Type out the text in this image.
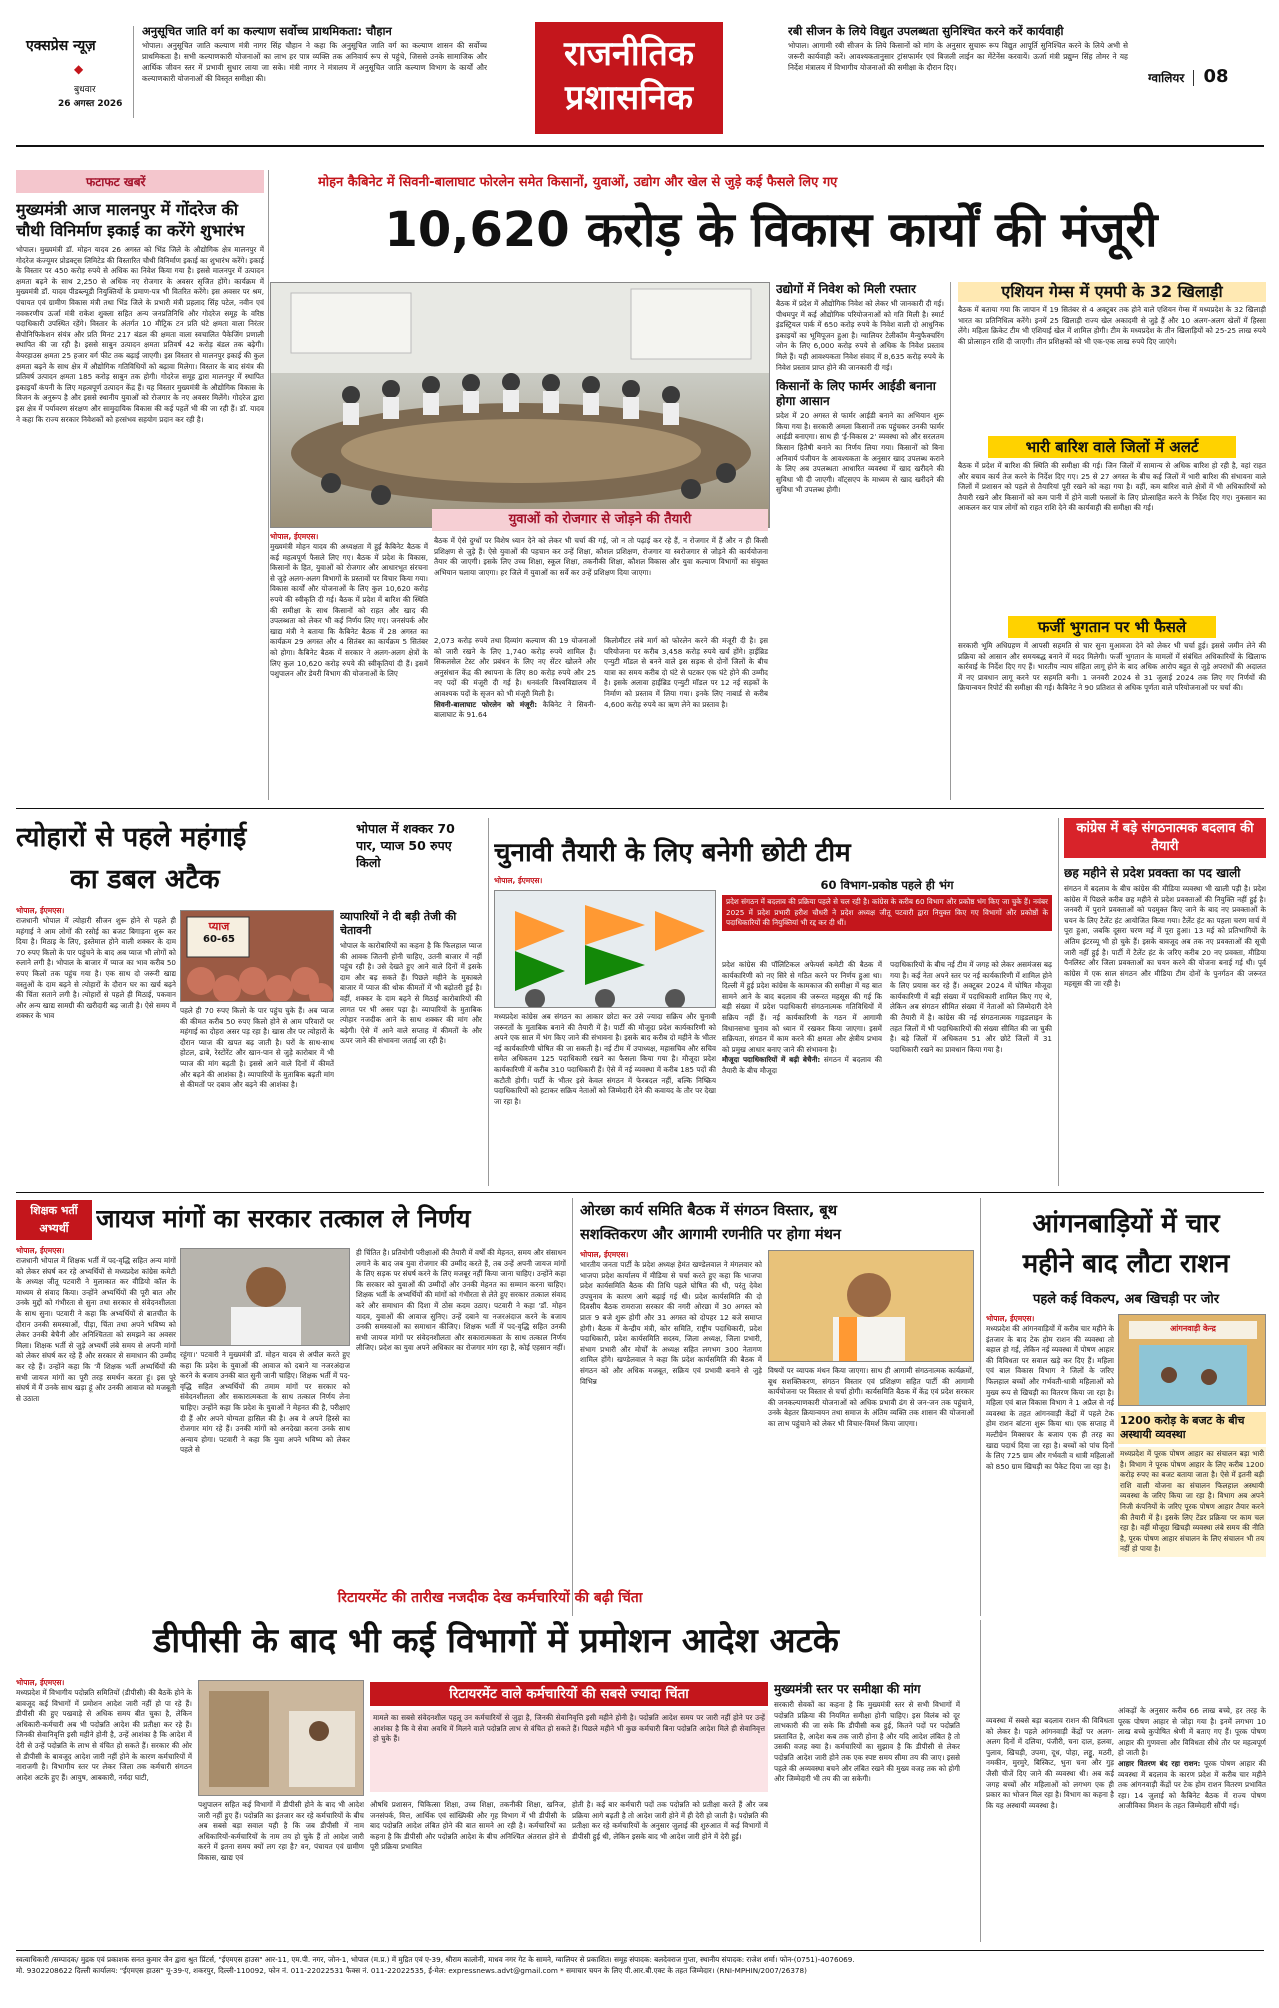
एक्सप्रेस न्यूज़
◆
बुधवार
26 अगस्त 2026
अनुसूचित जाति वर्ग का कल्याण सर्वोच्च प्राथमिकता: चौहान
भोपाल। अनुसूचित जाति कल्याण मंत्री नागर सिंह चौहान ने कहा कि अनुसूचित जाति वर्ग का कल्याण शासन की सर्वोच्च प्राथमिकता है। सभी कल्याणकारी योजनाओं का लाभ हर पात्र व्यक्ति तक अनिवार्य रूप से पहुंचे, जिससे उनके सामाजिक और आर्थिक जीवन स्तर में प्रभावी सुधार लाया जा सके। मंत्री नागर ने मंत्रालय में अनुसूचित जाति कल्याण विभाग के कार्यों और कल्याणकारी योजनाओं की विस्तृत समीक्षा की।
राजनीतिक
प्रशासनिक
रबी सीजन के लिये विद्युत उपलब्धता सुनिश्चित करने करें कार्यवाही
भोपाल। आगामी रबी सीजन के लिये किसानों को मांग के अनुसार सुचारू रूप विद्युत आपूर्ति सुनिश्चित करने के लिये अभी से जरूरी कार्यवाही करें। आवश्यकतानुसार ट्रांसफार्मर एवं बिजली लाईन का मेंटेनेंस करवायें। ऊर्जा मंत्री प्रद्युम्न सिंह तोमर ने यह निर्देश मंत्रालय में विभागीय योजनाओं की समीक्षा के दौरान दिए।
ग्वालियर 08
फटाफट खबरें
मुख्यमंत्री आज मालनपुर में गोंदरेज की चौथी विनिर्माण इकाई का करेंगे शुभारंभ
भोपाल। मुख्यमंत्री डॉ. मोहन यादव 26 अगस्त को भिंड जिले के औद्योगिक क्षेत्र मालनपुर में गोदरेज कंज्यूमर प्रोडक्ट्स लिमिटेड की विस्तारित चौथी विनिर्माण इकाई का शुभारंभ करेंगे। इकाई के विस्तार पर 450 करोड़ रुपये से अधिक का निवेश किया गया है। इससे मालनपुर में उत्पादन क्षमता बढ़ने के साथ 2,250 से अधिक नए रोजगार के अवसर सृजित होंगे। कार्यक्रम में मुख्यमंत्री डॉ. यादव पीडब्ल्यूडी नियुक्तियों के प्रमाण-पत्र भी वितरित करेंगे। इस अवसर पर श्रम, पंचायत एवं ग्रामीण विकास मंत्री तथा भिंड जिले के प्रभारी मंत्री प्रहलाद सिंह पटेल, नवीन एवं नवकरणीय ऊर्जा मंत्री राकेश शुक्ला सहित अन्य जनप्रतिनिधि और गोदरेज समूह के वरिष्ठ पदाधिकारी उपस्थित रहेंगे। विस्तार के अंतर्गत 10 मीट्रिक टन प्रति घंटे क्षमता वाला निरंतर सैपोनिफिकेशन संयंत्र और प्रति मिनट 217 बंडल की क्षमता वाला स्वचालित पैकेजिंग प्रणाली स्थापित की जा रही है। इससे साबुन उत्पादन क्षमता प्रतिवर्ष 42 करोड़ बंडल तक बढ़ेगी। वेयरहाउस क्षमता 25 हजार वर्ग फीट तक बढ़ाई जाएगी। इस विस्तार से मालनपुर इकाई की कुल क्षमता बढ़ने के साथ क्षेत्र में औद्योगिक गतिविधियों को बढ़ावा मिलेगा। विस्तार के बाद संयंत्र की प्रतिवर्ष उत्पादन क्षमता 185 करोड़ साबुन तक होगी। गोदरेज समूह द्वारा मालनपुर में स्थापित इकाइयाँ कंपनी के लिए महत्वपूर्ण उत्पादन केंद्र हैं। यह विस्तार मुख्यमंत्री के औद्योगिक विकास के विजन के अनुरूप है और इससे स्थानीय युवाओं को रोजगार के नए अवसर मिलेंगे। गोदरेज द्वारा इस क्षेत्र में पर्यावरण संरक्षण और सामुदायिक विकास की कई पहलें भी की जा रही हैं। डॉ. यादव ने कहा कि राज्य सरकार निवेशकों को हरसंभव सहयोग प्रदान कर रही है।
मोहन कैबिनेट में सिवनी-बालाघाट फोरलेन समेत किसानों, युवाओं, उद्योग और खेल से जुड़े कई फैसले लिए गए
10,620 करोड़ के विकास कार्यों की मंजूरी
युवाओं को रोजगार से जोड़ने की तैयारी
भोपाल, ईएमएस।
मुख्यमंत्री मोहन यादव की अध्यक्षता में हुई कैबिनेट बैठक में कई महत्वपूर्ण फैसले लिए गए। बैठक में प्रदेश के विकास, किसानों के हित, युवाओं को रोजगार और आधारभूत संरचना से जुड़े अलग-अलग विभागों के प्रस्तावों पर विचार किया गया। विकास कार्यों और योजनाओं के लिए कुल 10,620 करोड़ रुपये की स्वीकृति दी गई। बैठक में प्रदेश में बारिश की स्थिति की समीक्षा के साथ किसानों को राहत और खाद की उपलब्धता को लेकर भी कई निर्णय लिए गए। जनसंपर्क और खाद्य मंत्री ने बताया कि कैबिनेट बैठक में 28 अगस्त का कार्यक्रम 29 अगस्त और 4 सितंबर का कार्यक्रम 5 सितंबर को होगा। कैबिनेट बैठक में सरकार ने अलग-अलग क्षेत्रों के लिए कुल 10,620 करोड़ रुपये की स्वीकृतियां दी हैं। इसमें पशुपालन और डेयरी विभाग की योजनाओं के लिए
बैठक में ऐसे दुग्धों पर विशेष ध्यान देने को लेकर भी चर्चा की गई, जो न तो पढ़ाई कर रहे हैं, न रोजगार में हैं और न ही किसी प्रशिक्षण से जुड़े हैं। ऐसे युवाओं की पहचान कर उन्हें शिक्षा, कौशल प्रशिक्षण, रोजगार या स्वरोजगार से जोड़ने की कार्ययोजना तैयार की जाएगी। इसके लिए उच्च शिक्षा, स्कूल शिक्षा, तकनीकी शिक्षा, कौशल विकास और युवा कल्याण विभागों का संयुक्त अभियान चलाया जाएगा। हर जिले में युवाओं का सर्वे कर उन्हें प्रशिक्षण दिया जाएगा।
2,073 करोड़ रुपये तथा दिव्यांग कल्याण की 19 योजनाओं को जारी रखने के लिए 1,740 करोड़ रुपये शामिल हैं। सिकलसेल टेस्ट और प्रबंधन के लिए नए सेंटर खोलने और अनुसंधान केंद्र की स्थापना के लिए 80 करोड़ रुपये और 25 नए पदों की मंजूरी दी गई है। धनवंतरि विश्वविद्यालय में आवश्यक पदों के सृजन को भी मंजूरी मिली है।
सिवनी-बालाघाट फोरलेन को मंजूरी: कैबिनेट ने सिवनी-बालाघाट के 91.64
किलोमीटर लंबे मार्ग को फोरलेन करने की मंजूरी दी है। इस परियोजना पर करीब 3,458 करोड़ रुपये खर्च होंगे। हाईब्रिड एन्युटी मॉडल से बनने वाले इस सड़क से दोनों जिलों के बीच यात्रा का समय करीब दो घंटे से घटकर एक घंटे होने की उम्मीद है। इसके अलावा हाईब्रिड एन्युटी मॉडल पर 12 नई सड़कों के निर्माण को प्रस्ताव में लिया गया। इनके लिए नाबार्ड से करीब 4,600 करोड़ रुपये का ऋण लेने का प्रस्ताव है।
उद्योगों में निवेश को मिली रफ्तार
बैठक में प्रदेश में औद्योगिक निवेश को लेकर भी जानकारी दी गई। पीथमपुर में कई औद्योगिक परियोजनाओं को गति मिली है। स्मार्ट इंडस्ट्रियल पार्क में 650 करोड़ रुपये के निवेश वाली दो आधुनिक इकाइयों का भूमिपूजन हुआ है। ग्वालियर टेलीकॉम मैन्युफैक्चरिंग जोन के लिए 6,000 करोड़ रुपये से अधिक के निवेश प्रस्ताव मिले हैं। यही आवश्यकता निवेश संवाद में 8,635 करोड़ रुपये के निवेश प्रस्ताव प्राप्त होने की जानकारी दी गई।
किसानों के लिए फार्मर आईडी बनाना होगा आसान
प्रदेश में 20 अगस्त से फार्मर आईडी बनाने का अभियान शुरू किया गया है। सरकारी अमला किसानों तक पहुंचकर उनकी फार्मर आईडी बनाएगा। साथ ही 'ई-विकास 2' व्यवस्था को और सरलतम किसान हितैषी बनाने का निर्णय लिया गया। किसानों को बिना अनिवार्य पंजीयन के आवश्यकता के अनुसार खाद उपलब्ध कराने के लिए अब उपलब्धता आधारित व्यवस्था में खाद खरीदने की सुविधा भी दी जाएगी। वॉट्सएप के माध्यम से खाद खरीदने की सुविधा भी उपलब्ध होगी।
एशियन गेम्स में एमपी के 32 खिलाड़ी
बैठक में बताया गया कि जापान में 19 सितंबर से 4 अक्टूबर तक होने वाले एशियन गेम्स में मध्यप्रदेश के 32 खिलाड़ी भारत का प्रतिनिधित्व करेंगे। इनमें 25 खिलाड़ी राज्य खेल अकादमी से जुड़े हैं और 10 अलग-अलग खेलों में हिस्सा लेंगे। महिला क्रिकेट टीम भी एशियाई खेल में शामिल होगी। टीम के मध्यप्रदेश के तीन खिलाड़ियों को 25-25 लाख रुपये की प्रोत्साहन राशि दी जाएगी। तीन प्रशिक्षकों को भी एक-एक लाख रुपये दिए जाएंगे।
भारी बारिश वाले जिलों में अलर्ट
बैठक में प्रदेश में बारिश की स्थिति की समीक्षा की गई। जिन जिलों में सामान्य से अधिक बारिश हो रही है, वहां राहत और बचाव कार्य तेज करने के निर्देश दिए गए। 25 से 27 अगस्त के बीच कई जिलों में भारी बारिश की संभावना वाले जिलों में प्रशासन को पहले से तैयारियां पूरी रखने को कहा गया है। वहीं, कम बारिश वाले क्षेत्रों में भी अधिकारियों को तैयारी रखने और किसानों को कम पानी में होने वाली फसलों के लिए प्रोत्साहित करने के निर्देश दिए गए। नुकसान का आकलन कर पात्र लोगों को राहत राशि देने की कार्यवाही की समीक्षा की गई।
फर्जी भुगतान पर भी फैसले
सरकारी भूमि अधिग्रहण में आपसी सहमति से चार सुना मुआवजा देने को लेकर भी चर्चा हुई। इससे जमीन लेने की प्रक्रिया को आसान और समयबद्ध बनाने में मदद मिलेगी। फर्जी भुगतान के मामलों में संबंधित अधिकारियों के खिलाफ कार्रवाई के निर्देश दिए गए हैं। भारतीय न्याय संहिता लागू होने के बाद अधिक आरोप बहुत से जुड़े अपराधों की अदालत में नए प्रावधान लागू करने पर सहमति बनी। 1 जनवरी 2024 से 31 जुलाई 2024 तक लिए गए निर्णयों की क्रियान्वयन रिपोर्ट की समीक्षा की गई। कैबिनेट ने 90 प्रतिशत से अधिक पूर्णता वाले परियोजनाओं पर चर्चा की।
त्योहारों से पहले महंगाई
का डबल अटैक
भोपाल में शक्कर 70 पार, प्याज 50 रुपए किलो
भोपाल, ईएमएस।
राजधानी भोपाल में त्योहारी सीजन शुरू होने से पहले ही महंगाई ने आम लोगों की रसोई का बजट बिगाड़ना शुरू कर दिया है। मिठाइ के लिए, इस्तेमाल होने वाली शक्कर के दाम 70 रुपए किलो के पार पहुंचने के बाद अब प्याज भी लोगों को रुलाने लगी है। भोपाल के बाजार में प्याज का भाव करीब 50 रुपए किलो तक पहुंच गया है। एक साथ दो जरूरी खाद्य वस्तुओं के दाम बढ़ने से त्योहारों के दौरान घर का खर्च बढ़ने की चिंता सताने लगी है। त्योहारों से पहले ही मिठाई, पकवान और अन्य खाद्य सामग्री की खरीदारी बढ़ जाती है। ऐसे समय में शक्कर के भाव
प्याज
60-65
पहले ही 70 रुपए किलो के पार पहुंच चुके हैं। अब प्याज की कीमत करीब 50 रुपए किलो होने से आम परिवारों पर महंगाई का दोहरा असर पड़ रहा है। खास तौर पर त्योहारों के दौरान प्याज की खपत बढ़ जाती है। घरों के साथ-साथ होटल, ढाबे, रेस्टोरेंट और खान-पान से जुड़े कारोबार में भी प्याज की मांग बढ़ती है। इससे आने वाले दिनों में कीमतें और बढ़ने की आशंका है। व्यापारियों के मुताबिक बढ़ती मांग से कीमतों पर दबाव और बढ़ने की आशंका है।
व्यापारियों ने दी बड़ी तेजी की चेतावनी
भोपाल के कारोबारियों का कहना है कि फिलहाल प्याज की आवक जितनी होनी चाहिए, उतनी बाजार में नहीं पहुंच रही है। उसे देखते हुए आने वाले दिनों में इसके दाम और बढ़ सकते हैं। पिछले महीने के मुकाबले बाजार में प्याज की थोक कीमतों में भी बढ़ोतरी हुई है। वहीं, शक्कर के दाम बढ़ने से मिठाई कारोबारियों की लागत पर भी असर पड़ा है। व्यापारियों के मुताबिक त्योहार नजदीक आने के साथ शक्कर की मांग और बढ़ेगी। ऐसे में आने वाले सप्ताह में कीमतों के और ऊपर जाने की संभावना जताई जा रही है।
चुनावी तैयारी के लिए बनेगी छोटी टीम
भोपाल, ईएमएस।
मध्यप्रदेश कांग्रेस अब संगठन का आकार छोटा कर उसे ज्यादा सक्रिय और चुनावी जरूरतों के मुताबिक बनाने की तैयारी में है। पार्टी की मौजूदा प्रदेश कार्यकारिणी को अपने एक साल में भंग किए जाने की संभावना है। इसके बाद करीब दो महीने के भीतर नई कार्यकारिणी घोषित की जा सकती है। नई टीम में उपाध्यक्ष, महासचिव और सचिव समेत अधिकतम 125 पदाधिकारी रखने का फैसला किया गया है। मौजूदा प्रदेश कार्यकारिणी में करीब 310 पदाधिकारी हैं। ऐसे में नई व्यवस्था में करीब 185 पदों की कटौती होगी। पार्टी के भीतर इसे केवल संगठन में फेरबदल नहीं, बल्कि निष्क्रिय पदाधिकारियों को हटाकर सक्रिय नेताओं को जिम्मेदारी देने की कवायद के तौर पर देखा जा रहा है।
60 विभाग-प्रकोष्ठ पहले ही भंग
प्रदेश संगठन में बदलाव की प्रक्रिया पहले से चल रही है। कांग्रेस के करीब 60 विभाग और प्रकोष्ठ भंग किए जा चुके हैं। नवंबर 2025 में प्रदेश प्रभारी हरीश चौधरी ने प्रदेश अध्यक्ष जीतू पटवारी द्वारा नियुक्त किए गए विभागों और प्रकोष्ठों के पदाधिकारियों की नियुक्तियां भी रद्द कर दी थीं।
प्रदेश कांग्रेस की पॉलिटिकल अफेयर्स कमेटी की बैठक में कार्यकारिणी को नए सिरे से गठित करने पर निर्णय हुआ था। दिल्ली में हुई प्रदेश कांग्रेस के कामकाज की समीक्षा में यह बात सामने आने के बाद बदलाव की जरूरत महसूस की गई कि बड़ी संख्या में प्रदेश पदाधिकारी संगठनात्मक गतिविधियों में सक्रिय नहीं हैं। नई कार्यकारिणी के गठन में आगामी विधानसभा चुनाव को ध्यान में रखकर किया जाएगा। इसमें सक्रियता, संगठन में काम करने की क्षमता और क्षेत्रीय प्रभाव को प्रमुख आधार बनाए जाने की संभावना है।
मौजूदा पदाधिकारियों में बढ़ी बेचैनी: संगठन में बदलाव की तैयारी के बीच मौजूदा
पदाधिकारियों के बीच नई टीम में जगह को लेकर असमंजस बढ़ गया है। कई नेता अपने स्तर पर नई कार्यकारिणी में शामिल होने के लिए प्रयास कर रहे हैं। अक्टूबर 2024 में घोषित मौजूदा कार्यकारिणी में बड़ी संख्या में पदाधिकारी शामिल किए गए थे, लेकिन अब संगठन सीमित संख्या में नेताओं को जिम्मेदारी देने की तैयारी में है। कांग्रेस की नई संगठनात्मक गाइडलाइन के तहत जिलों में भी पदाधिकारियों की संख्या सीमित की जा चुकी है। बड़े जिलों में अधिकतम 51 और छोटे जिलों में 31 पदाधिकारी रखने का प्रावधान किया गया है।
कांग्रेस में बड़े संगठनात्मक बदलाव की तैयारी
छह महीने से प्रदेश प्रवक्ता का पद खाली
संगठन में बदलाव के बीच कांग्रेस की मीडिया व्यवस्था भी खाली पड़ी है। प्रदेश कांग्रेस में पिछले करीब छह महीने से प्रदेश प्रवक्ताओं की नियुक्ति नहीं हुई है। जनवरी में पुराने प्रवक्ताओं को पदमुक्त किए जाने के बाद नए प्रवक्ताओं के चयन के लिए टैलेंट हंट आयोजित किया गया। टैलेंट हंट का पहला चरण मार्च में पूरा हुआ, जबकि दूसरा चरण मई में पूरा हुआ। 13 मई को प्रतिभागियों के अंतिम इंटरव्यू भी हो चुके हैं। इसके बावजूद अब तक नए प्रवक्ताओं की सूची जारी नहीं हुई है। पार्टी में टैलेंट हंट के जरिए करीब 20 नए प्रवक्ता, मीडिया पैनलिस्ट और जिला प्रवक्ताओं का चयन करने की योजना बनाई गई थी। पूर्व कांग्रेस में एक साल संगठन और मीडिया टीम दोनों के पुनर्गठन की जरूरत महसूस की जा रही है।
शिक्षक भर्ती
अभ्यर्थी	जायज मांगों का सरकार तत्काल ले निर्णय
भोपाल, ईएमएस।
राजधानी भोपाल में शिक्षक भर्ती में पद-वृद्धि सहित अन्य मांगों को लेकर संघर्ष कर रहे अभ्यर्थियों से मध्यप्रदेश कांग्रेस कमेटी के अध्यक्ष जीतू पटवारी ने मुलाकात कर वीडियो कॉल के माध्यम से संवाद किया। उन्होंने अभ्यर्थियों की पूरी बात और उनके मुद्दों को गंभीरता से सुना तथा सरकार से संवेदनशीलता के साथ सुना। पटवारी ने कहा कि अभ्यर्थियों से बातचीत के दौरान उनकी समस्याओं, पीड़ा, चिंता तथा अपने भविष्य को लेकर उनकी बेचैनी और अनिश्चितता को समझने का अवसर मिला। शिक्षक भर्ती से जुड़े अभ्यर्थी लंबे समय से अपनी मांगों को लेकर संघर्ष कर रहे हैं और सरकार से समाधान की उम्मीद कर रहे हैं। उन्होंने कहा कि 'मैं शिक्षक भर्ती अभ्यर्थियों की सभी जायज मांगों का पूरी तरह समर्थन करता हूं। इस पूरे संघर्ष में मैं उनके साथ खड़ा हूं और उनकी आवाज को मजबूती से उठाता
रहूंगा।' पटवारी ने मुख्यमंत्री डॉ. मोहन यादव से अपील करते हुए कहा कि प्रदेश के युवाओं की आवाज को दबाने या नजरअंदाज करने के बजाय उनकी बात सुनी जानी चाहिए। शिक्षक भर्ती में पद-वृद्धि सहित अभ्यर्थियों की तमाम मांगों पर सरकार को संवेदनशीलता और सकारात्मकता के साथ तत्काल निर्णय लेना चाहिए। उन्होंने कहा कि प्रदेश के युवाओं ने मेहनत की है, परीक्षाएं दी हैं और अपने योग्यता हासिल की है। अब वे अपने हिस्से का रोजगार मांग रहे हैं। उनकी मांगों को अनदेखा करना उनके साथ अन्याय होगा। पटवारी ने कहा कि युवा अपने भविष्य को लेकर पहले से
ही चिंतित है। प्रतियोगी परीक्षाओं की तैयारी में वर्षों की मेहनत, समय और संसाधन लगाने के बाद जब युवा रोजगार की उम्मीद करते हैं, तब उन्हें अपनी जायज मांगों के लिए सड़क पर संघर्ष करने के लिए मजबूर नहीं किया जाना चाहिए। उन्होंने कहा कि सरकार को युवाओं की उम्मीदों और उनकी मेहनत का सम्मान करना चाहिए। शिक्षक भर्ती के अभ्यर्थियों की मांगों को गंभीरता से लेते हुए सरकार तत्काल संवाद करे और समाधान की दिशा में ठोस कदम उठाए। पटवारी ने कहा 'डॉ. मोहन यादव, युवाओं की आवाज सुनिए। उन्हें दबाने या नजरअंदाज करने के बजाय उनकी समस्याओं का समाधान कीजिए। शिक्षक भर्ती में पद-वृद्धि सहित उनकी सभी जायज मांगों पर संवेदनशीलता और सकारात्मकता के साथ तत्काल निर्णय लीजिए। प्रदेश का युवा अपने अधिकार का रोजगार मांग रहा है, कोई एहसान नहीं।
ओरछा कार्य समिति बैठक में संगठन विस्तार, बूथ
सशक्तिकरण और आगामी रणनीति पर होगा मंथन
भोपाल, ईएमएस।
भारतीय जनता पार्टी के प्रदेश अध्यक्ष हेमंत खण्डेलवाल ने मंगलवार को भाजपा प्रदेश कार्यालय में मीडिया से चर्चा करते हुए कहा कि भाजपा प्रदेश कार्यसमिति बैठक की तिथि पहले घोषित की थी, परंतु देवेश उपचुनाव के कारण आगे बढ़ाई गई थी। प्रदेश कार्यसमिति की दो दिवसीय बैठक रामराजा सरकार की नगरी ओरछा में 30 अगस्त को प्रातः 9 बजे शुरू होगी और 31 अगस्त को दोपहर 12 बजे समाप्त होगी। बैठक में केन्द्रीय मंत्री, कोर समिति, राष्ट्रीय पदाधिकारी, प्रदेश पदाधिकारी, प्रदेश कार्यसमिति सदस्य, जिला अध्यक्ष, जिला प्रभारी, संभाग प्रभारी और मोर्चों के अध्यक्ष सहित लगभग 300 नेतागण शामिल होंगे। खण्डेलवाल ने कहा कि प्रदेश कार्यसमिति की बैठक में संगठन को और अधिक मजबूत, सक्रिय एवं प्रभावी बनाने से जुड़े विभिन्न
विषयों पर व्यापक मंथन किया जाएगा। साथ ही आगामी संगठनात्मक कार्यक्रमों, बूथ सशक्तिकरण, संगठन विस्तार एवं प्रशिक्षण सहित पार्टी की आगामी कार्ययोजना पर विस्तार से चर्चा होगी। कार्यसमिति बैठक में केंद्र एवं प्रदेश सरकार की जनकल्याणकारी योजनाओं को अधिक प्रभावी ढंग से जन-जन तक पहुंचाने, उनके बेहतर क्रियान्वयन तथा समाज के अंतिम व्यक्ति तक शासन की योजनाओं का लाभ पहुंचाने को लेकर भी विचार-विमर्श किया जाएगा।
आंगनबाड़ियों में चार
महीने बाद लौटा राशन
पहले कई विकल्प, अब खिचड़ी पर जोर
रिटायरमेंट की तारीख नजदीक देख कर्मचारियों की बढ़ी चिंता
डीपीसी के बाद भी कई विभागों में प्रमोशन आदेश अटके
भोपाल, ईएमएस।
मध्यप्रदेश में विभागीय पदोन्नति समितियों (डीपीसी) की बैठकें होने के बावजूद कई विभागों में प्रमोशन आदेश जारी नहीं हो पा रहे हैं। डीपीसी की हुए पखवाड़े से अधिक समय बीत चुका है, लेकिन अधिकारी-कर्मचारी अब भी पदोन्नति आदेश की प्रतीक्षा कर रहे हैं। जिनकी सेवानिवृत्ति इसी महीने होनी है, उन्हें आशंका है कि आदेश में देरी से उन्हें पदोन्नति के लाभ से वंचित हो सकते हैं। सरकार की ओर से डीपीसी के बावजूद आदेश जारी नहीं होने के कारण कर्मचारियों में नाराजगी है। विभागीय स्तर पर लेकर जिला तक कर्मचारी संगठन आदेश अटके हुए हैं। आयुष, आबकारी, नर्मदा घाटी,
रिटायरमेंट वाले कर्मचारियों की सबसे ज्यादा चिंता
मामले का सबसे संवेदनशील पहलू उन कर्मचारियों से जुड़ा है, जिनकी सेवानिवृत्ति इसी महीने होनी है। पदोन्नति आदेश समय पर जारी नहीं होने पर उन्हें आशंका है कि वे सेवा अवधि में मिलने वाले पदोन्नति लाभ से वंचित हो सकते हैं। पिछले महीने भी कुछ कर्मचारी बिना पदोन्नति आदेश मिले ही सेवानिवृत्त हो चुके हैं।
पशुपालन सहित कई विभागों में डीपीसी होने के बाद भी आदेश जारी नहीं हुए हैं। पदोन्नति का इंतजार कर रहे कर्मचारियों के बीच अब सबसे बड़ा सवाल यही है कि जब डीपीसी में नाम अधिकारियों-कर्मचारियों के नाम तय हो चुके हैं तो आदेश जारी करने में इतना समय क्यों लग रहा है? वन, पंचायत एवं ग्रामीण विकास, खाद्य एवं
औषधि प्रशासन, चिकित्सा शिक्षा, उच्च शिक्षा, तकनीकी शिक्षा, खनिज, जनसंपर्क, वित्त, आर्थिक एवं सांख्यिकी और गृह विभाग में भी डीपीसी के बाद पदोन्नति आदेश लंबित होने की बात सामने आ रही है। कर्मचारियों का कहना है कि डीपीसी और पदोन्नति आदेश के बीच अनिश्चित अंतराल होने से पूरी प्रक्रिया प्रभावित
होती है। कई बार कर्मचारी पदों तक पदोन्नति को प्रतीक्षा करते हैं और जब प्रक्रिया आगे बढ़ती है तो आदेश जारी होने में ही देरी हो जाती है। पदोन्नति की प्रतीक्षा कर रहे कर्मचारियों के अनुसार जुलाई की शुरुआत में कई विभागों में डीपीसी हुई थी, लेकिन इसके बाद भी आदेश जारी होने में देरी हुई।
मुख्यमंत्री स्तर पर समीक्षा की मांग
सरकारी सेवकों का कहना है कि मुख्यमंत्री स्तर से सभी विभागों में पदोन्नति प्रक्रिया की नियमित समीक्षा होनी चाहिए। इस विलंब को दूर लाभकारी की जा सके कि डीपीसी कब हुई, कितने पदों पर पदोन्नति प्रस्तावित है, आदेश कब तक जारी होना है और यदि आदेश लंबित है तो उसकी वजह क्या है। कर्मचारियों का सुझाव है कि डीपीसी से लेकर पदोन्नति आदेश जारी होने तक एक स्पष्ट समय सीमा तय की जाए। इससे पहले की अव्यवस्था बचने और लंबित रखने की मुख्य वजह तक को होगी और जिम्मेदारी भी तय की जा सकेगी।
भोपाल, ईएमएस।
मध्यप्रदेश की आंगनवाड़ियों में करीब चार महीने के इंतजार के बाद टेक होम राशन की व्यवस्था तो बहाल हो गई, लेकिन नई व्यवस्था में पोषण आहार की विविधता पर सवाल खड़े कर दिए हैं। महिला एवं बाल विकास विभाग ने जिलों के जरिए फिलहाल बच्चों और गर्भवती-धात्री महिलाओं को मुख्य रूप से खिचड़ी का वितरण किया जा रहा है। महिला एवं बाल विकास विभाग ने 1 अप्रैल से नई व्यवस्था के तहत आंगनवाड़ी केंद्रों में पहले टेक होम राशन बांटना शुरू किया था। एक सप्ताह में मल्टीग्रेन मिक्सचर के बजाय एक ही तरह का खाद्य पदार्थ दिया जा रहा है। बच्चों को पांच दिनों के लिए 725 ग्राम और गर्भवती व धात्री महिलाओं को 850 ग्राम खिचड़ी का पैकेट दिया जा रहा है।
आंगनवाड़ी केन्द्र
1200 करोड़ के बजट के बीच अस्थायी व्यवस्था
मध्यप्रदेश में पूरक पोषण आहार का संचालन बड़ा भारी है। विभाग ने पूरक पोषण आहार के लिए करीब 1200 करोड़ रुपए का बजट बताया जाता है। ऐसे में इतनी बड़ी राशि वाली योजना का संचालन फिलहाल अस्थायी व्यवस्था के जरिए किया जा रहा है। विभाग अब अपने निजी कंपनियों के जरिए पूरक पोषण आहार तैयार करने की तैयारी में है। इसके लिए टेंडर प्रक्रिया पर काम चल रहा है। वहीं मौजूदा खिचड़ी व्यवस्था लंबे समय की नीति है, पूरक पोषण आहार संचालन के लिए संचालन भी तय नहीं हो पाया है।
व्यवस्था में सबसे बड़ा बदलाव राशन की विविधता को लेकर है। पहले आंगनवाड़ी केंद्रों पर अलग-अलग दिनों में दलिया, पंजीरी, चना दाल, हलवा, पुलाव, खिचड़ी, उपमा, दूध, पोहा, लड्डू, मठरी, नमकीन, मुरमुरे, बिस्किट, भुना चना और गुड़ जैसी चीजें दिए जाने की व्यवस्था थी। अब कई जगह बच्चों और महिलाओं को लगभग एक ही प्रकार का भोजन मिल रहा है। विभाग का कहना है कि यह अस्थायी व्यवस्था है।
आंकड़ों के अनुसार करीब 66 लाख बच्चे, हर तरह के पूरक पोषण आहार से जोड़ा गया है। इनमें लगभग 10 लाख बच्चे कुपोषित श्रेणी में बताए गए हैं। पूरक पोषण आहार की गुणवत्ता और विविधता सीधे तौर पर महत्वपूर्ण हो जाती है।
आहार वितरण बंद रहा राशन: पूरक पोषण आहार की व्यवस्था में बदलाव के कारण प्रदेश में करीब चार महीने तक आंगनवाड़ी केंद्रों पर टेक होम राशन वितरण प्रभावित रहा। 14 जुलाई को कैबिनेट बैठक में राज्य पोषण आजीविका मिशन के तहत जिम्मेदारी सौंपी गई।
स्वत्वाधिकारी /सम्पादक/ मुद्रक एवं प्रकाशक सनत कुमार जैन द्वारा श्रुत प्रिंटर्स, "ईएमएस हाउस" आर-11, एम.पी. नगर, जोन-1, भोपाल (म.प्र.) में मुद्रित एवं ए-39, श्रीराम कालोनी, माधव नगर गेट के सामने, ग्वालियर से प्रकाशित। समूह संपादक: बलदेवराज गुप्ता, स्थानीय संपादक: राजेश शर्मा। फोन-(0751)-4076069.
मो. 9302208622 दिल्ली कार्यालय: "ईएमएस हाउस" यू-39-ए, शकरपुर, दिल्ली-110092, फोन नं. 011-22022531 फैक्स नं. 011-22022535, ई-मेल: expressnews.advt@gmail.com * समाचार चयन के लिए पी.आर.बी.एक्ट के तहत जिम्मेदार। (RNI-MPHIN/2007/26378)
